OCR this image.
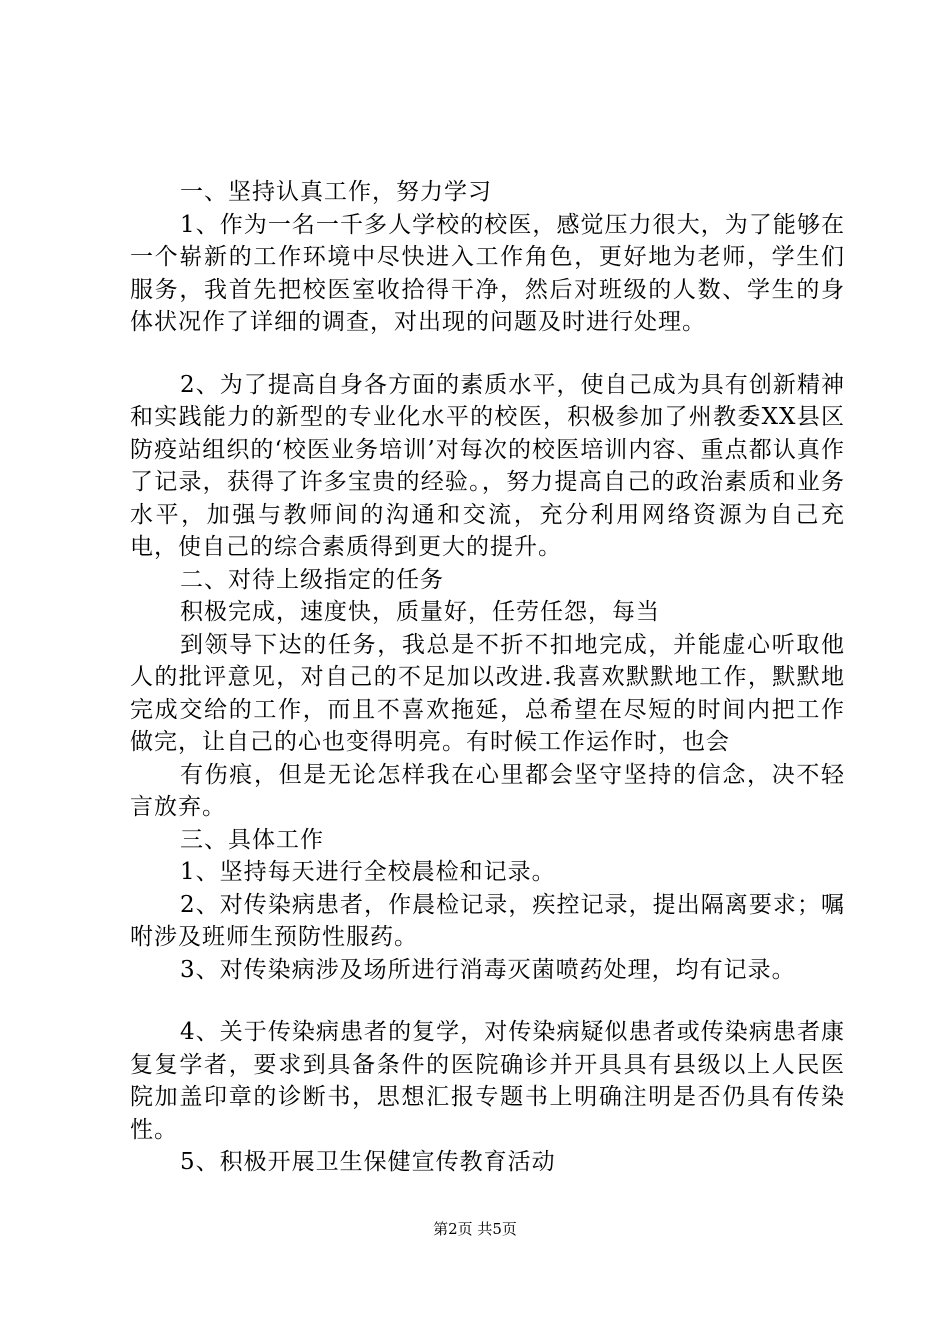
一、坚持认真工作，努力学习

1、作为一名一千多人学校的校医，感觉压力很大，为了能够在一个崭新的工作环境中尽快进入工作角色，更好地为老师，学生们服务，我首先把校医室收拾得干净，然后对班级的人数、学生的身体状况作了详细的调查，对出现的问题及时进行处理。

2、为了提高自身各方面的素质水平，使自己成为具有创新精神和实践能力的新型的专业化水平的校医，积极参加了州教委XX县区防疫站组织的‘校医业务培训’对每次的校医培训内容、重点都认真作了记录，获得了许多宝贵的经验。，努力提高自己的政治素质和业务水平，加强与教师间的沟通和交流，充分利用网络资源为自己充电，使自己的综合素质得到更大的提升。

二、对待上级指定的任务

积极完成，速度快，质量好，任劳任怨，每当

到领导下达的任务，我总是不折不扣地完成，并能虚心听取他人的批评意见，对自己的不足加以改进.我喜欢默默地工作，默默地完成交给的工作，而且不喜欢拖延，总希望在尽短的时间内把工作做完，让自己的心也变得明亮。有时候工作运作时，也会

有伤痕，但是无论怎样我在心里都会坚守坚持的信念，决不轻言放弃。

三、具体工作

1、坚持每天进行全校晨检和记录。

2、对传染病患者，作晨检记录，疾控记录，提出隔离要求；嘱咐涉及班师生预防性服药。

3、对传染病涉及场所进行消毒灭菌喷药处理，均有记录。

4、关于传染病患者的复学，对传染病疑似患者或传染病患者康复复学者，要求到具备条件的医院确诊并开具具有县级以上人民医院加盖印章的诊断书，思想汇报专题书上明确注明是否仍具有传染性。

5、积极开展卫生保健宣传教育活动

第2页 共5页
